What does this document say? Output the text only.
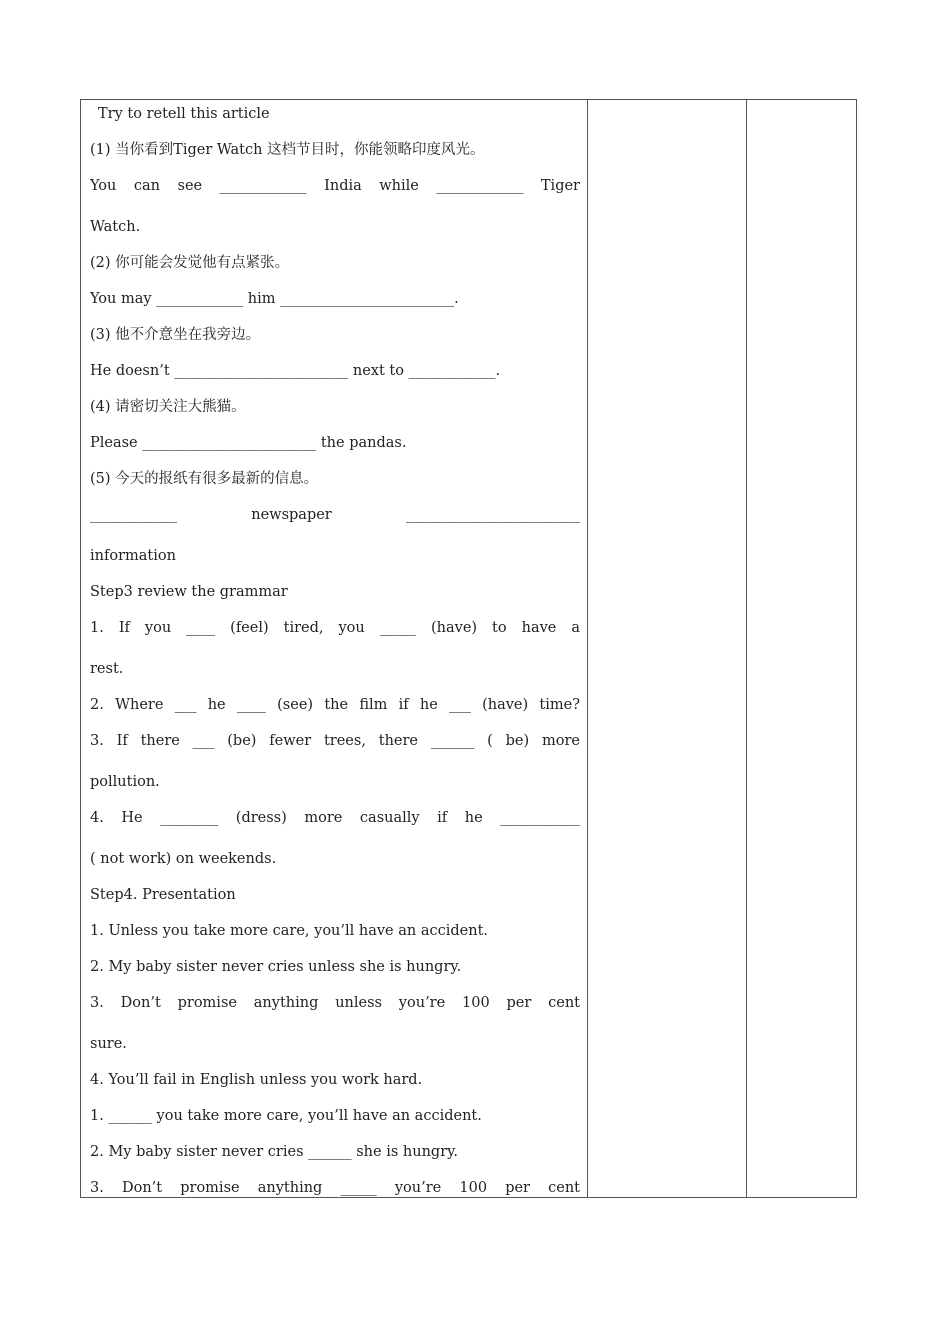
Try to retell this article

(1) 当你看到Tiger Watch 这档节目时，你能领略印度风光。

You can see ____________ India while ____________ Tiger

Watch.

(2) 你可能会发觉他有点紧张。

You may ____________ him ________________________.

(3) 他不介意坐在我旁边。

He doesn’t ________________________ next to ____________.

(4) 请密切关注大熊猫。

Please ________________________ the pandas.

(5) 今天的报纸有很多最新的信息。

____________ newspaper ________________________

information

Step3 review the grammar

1. If you ____ (feel) tired, you _____ (have) to have a

rest.

2. Where ___ he ____ (see) the film if he ___ (have) time?

3. If there ___ (be) fewer trees, there ______ ( be) more

pollution.

4. He ________ (dress) more casually if he ___________

( not work) on weekends.

Step4. Presentation

1. Unless you take more care, you’ll have an accident.

2. My baby sister never cries unless she is hungry.

3. Don’t promise anything unless you’re 100 per cent

sure.

4. You’ll fail in English unless you work hard.

1. ______ you take more care, you’ll have an accident.

2. My baby sister never cries ______ she is hungry.

3. Don’t promise anything _____ you’re 100 per cent
